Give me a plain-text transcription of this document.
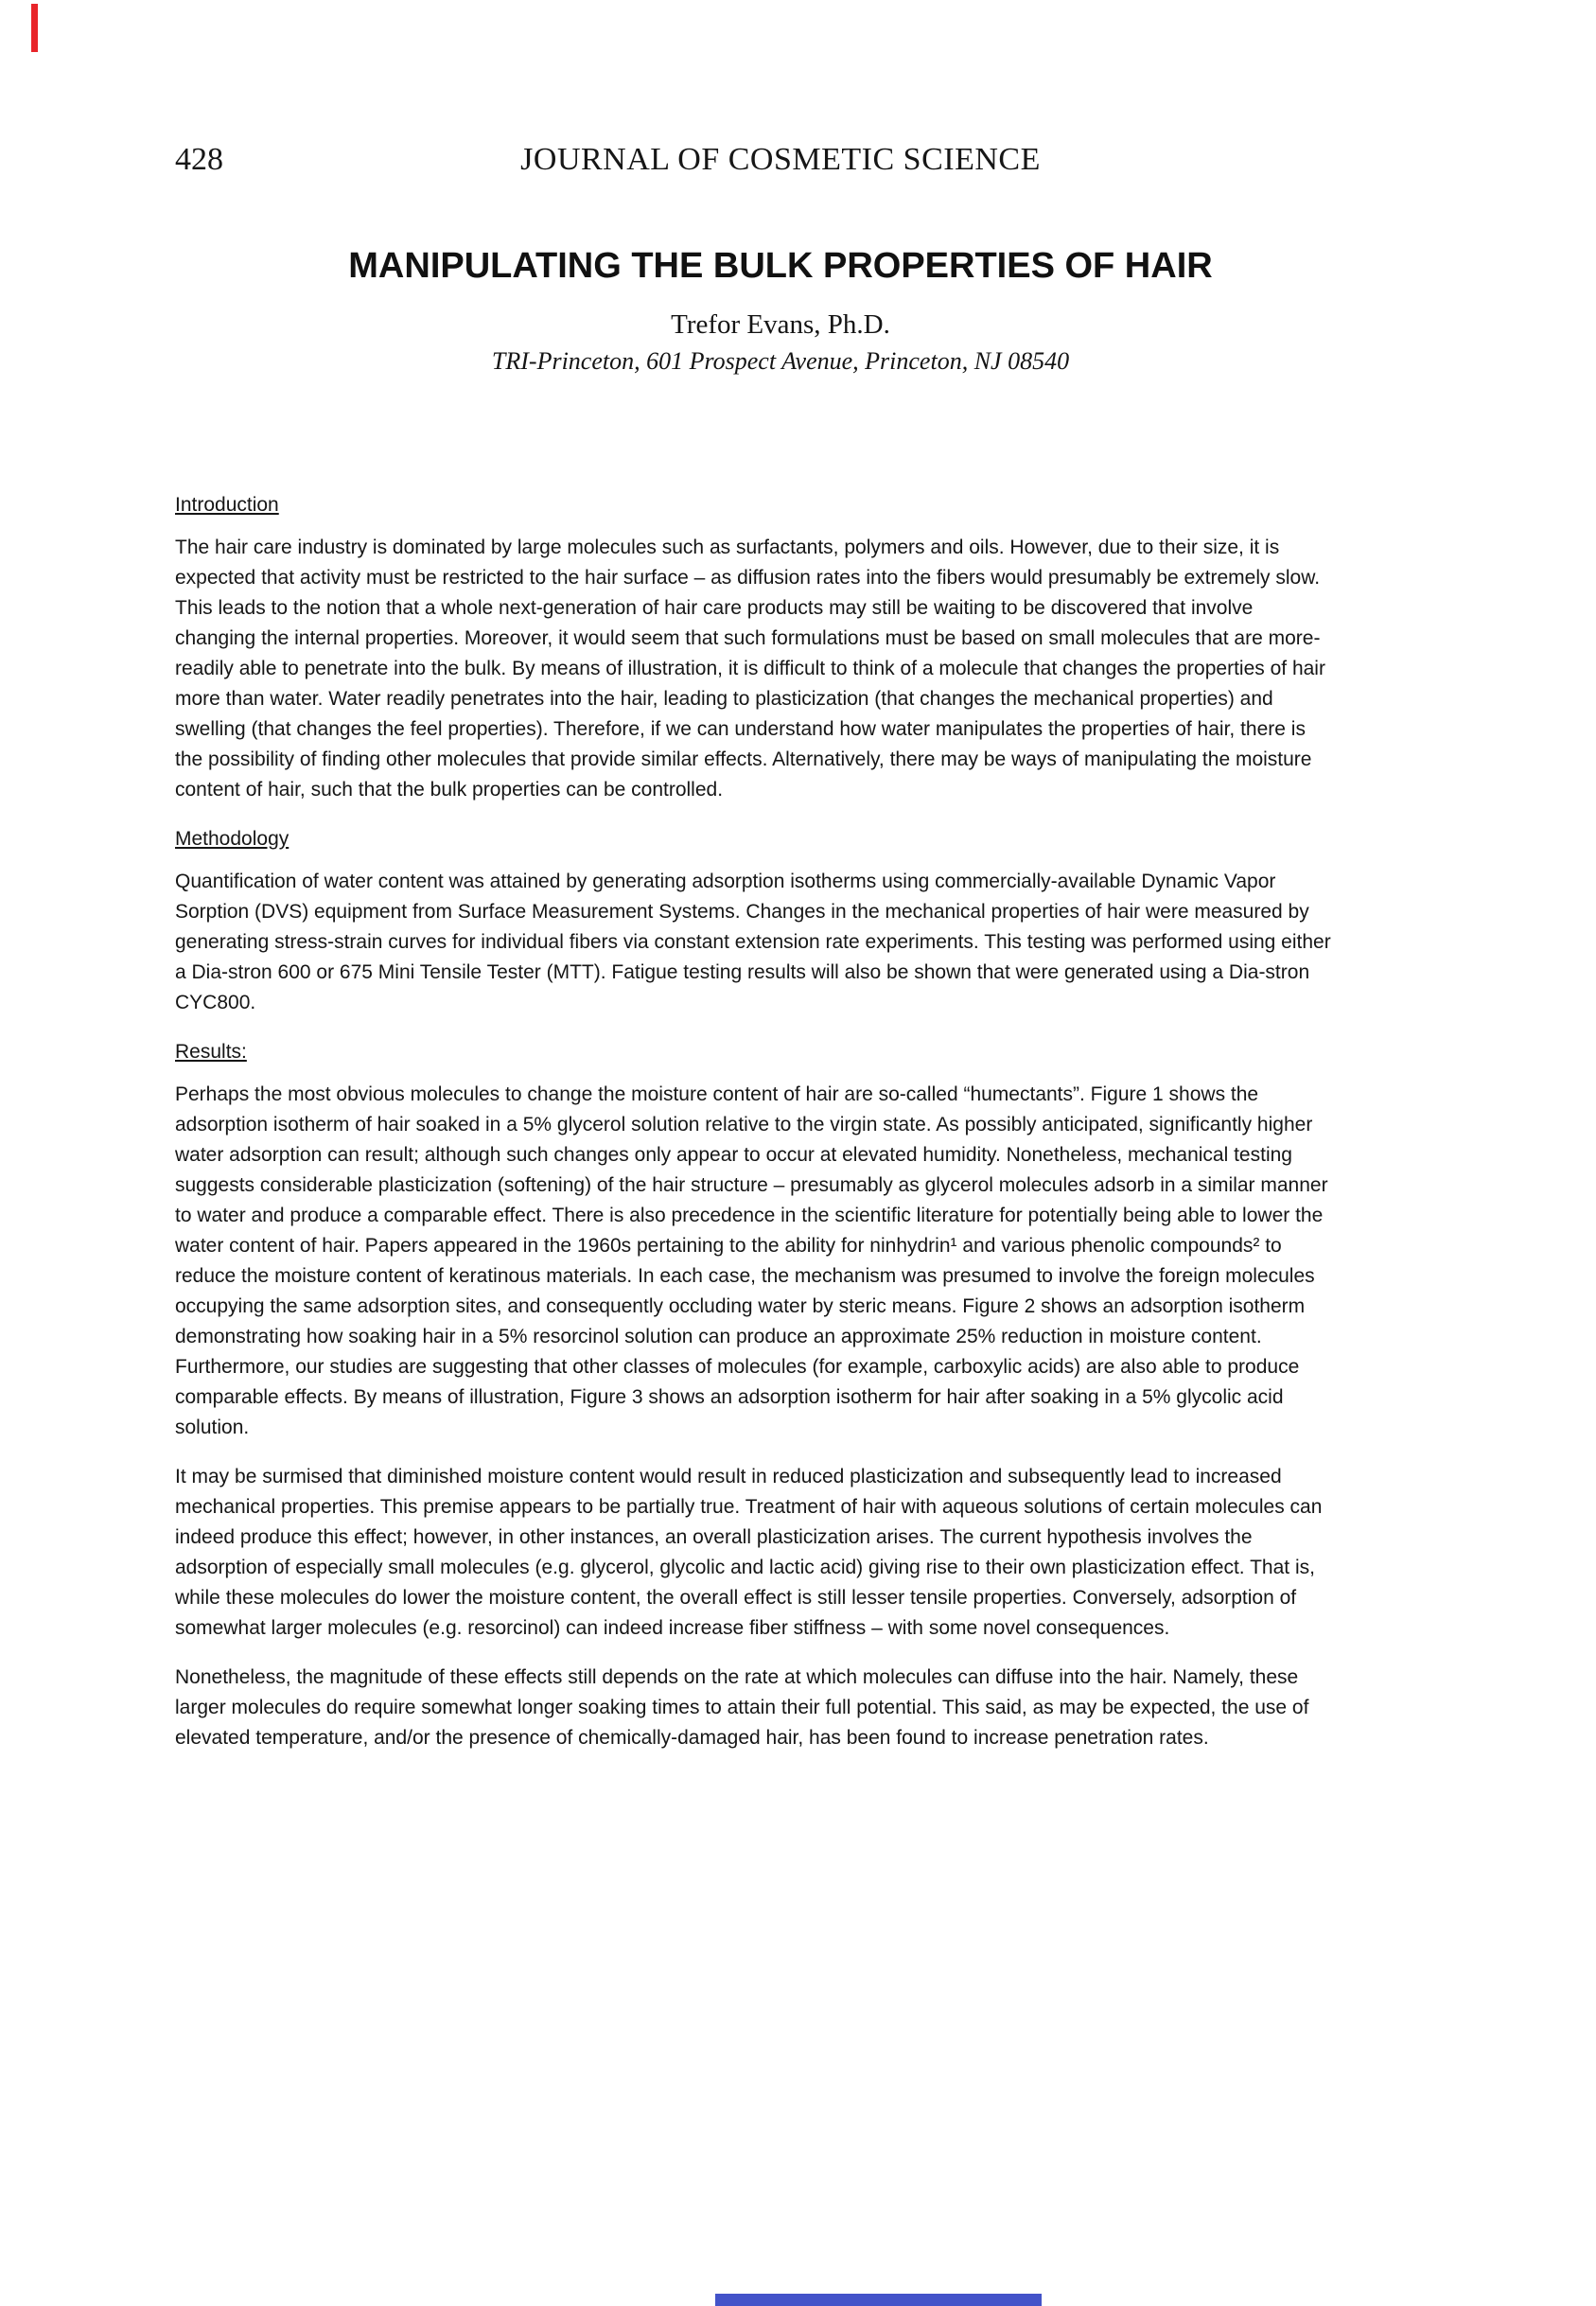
428	JOURNAL OF COSMETIC SCIENCE
MANIPULATING THE BULK PROPERTIES OF HAIR
Trefor Evans, Ph.D.
TRI-Princeton, 601 Prospect Avenue, Princeton, NJ 08540
Introduction
The hair care industry is dominated by large molecules such as surfactants, polymers and oils. However, due to their size, it is
expected that activity must be restricted to the hair surface – as diffusion rates into the fibers would presumably be extremely slow.
This leads to the notion that a whole next-generation of hair care products may still be waiting to be discovered that involve
changing the internal properties. Moreover, it would seem that such formulations must be based on small molecules that are more-
readily able to penetrate into the bulk. By means of illustration, it is difficult to think of a molecule that changes the properties of hair
more than water. Water readily penetrates into the hair, leading to plasticization (that changes the mechanical properties) and
swelling (that changes the feel properties). Therefore, if we can understand how water manipulates the properties of hair, there is
the possibility of finding other molecules that provide similar effects. Alternatively, there may be ways of manipulating the moisture
content of hair, such that the bulk properties can be controlled.
Methodology
Quantification of water content was attained by generating adsorption isotherms using commercially-available Dynamic Vapor
Sorption (DVS) equipment from Surface Measurement Systems. Changes in the mechanical properties of hair were measured by
generating stress-strain curves for individual fibers via constant extension rate experiments. This testing was performed using either
a Dia-stron 600 or 675 Mini Tensile Tester (MTT). Fatigue testing results will also be shown that were generated using a Dia-stron
CYC800.
Results:
Perhaps the most obvious molecules to change the moisture content of hair are so-called “humectants”. Figure 1 shows the
adsorption isotherm of hair soaked in a 5% glycerol solution relative to the virgin state. As possibly anticipated, significantly higher
water adsorption can result; although such changes only appear to occur at elevated humidity. Nonetheless, mechanical testing
suggests considerable plasticization (softening) of the hair structure – presumably as glycerol molecules adsorb in a similar manner
to water and produce a comparable effect. There is also precedence in the scientific literature for potentially being able to lower the
water content of hair. Papers appeared in the 1960s pertaining to the ability for ninhydrin¹ and various phenolic compounds² to
reduce the moisture content of keratinous materials. In each case, the mechanism was presumed to involve the foreign molecules
occupying the same adsorption sites, and consequently occluding water by steric means. Figure 2 shows an adsorption isotherm
demonstrating how soaking hair in a 5% resorcinol solution can produce an approximate 25% reduction in moisture content.
Furthermore, our studies are suggesting that other classes of molecules (for example, carboxylic acids) are also able to produce
comparable effects. By means of illustration, Figure 3 shows an adsorption isotherm for hair after soaking in a 5% glycolic acid
solution.
It may be surmised that diminished moisture content would result in reduced plasticization and subsequently lead to increased
mechanical properties. This premise appears to be partially true. Treatment of hair with aqueous solutions of certain molecules can
indeed produce this effect; however, in other instances, an overall plasticization arises. The current hypothesis involves the
adsorption of especially small molecules (e.g. glycerol, glycolic and lactic acid) giving rise to their own plasticization effect. That is,
while these molecules do lower the moisture content, the overall effect is still lesser tensile properties. Conversely, adsorption of
somewhat larger molecules (e.g. resorcinol) can indeed increase fiber stiffness – with some novel consequences.
Nonetheless, the magnitude of these effects still depends on the rate at which molecules can diffuse into the hair. Namely, these
larger molecules do require somewhat longer soaking times to attain their full potential. This said, as may be expected, the use of
elevated temperature, and/or the presence of chemically-damaged hair, has been found to increase penetration rates.
